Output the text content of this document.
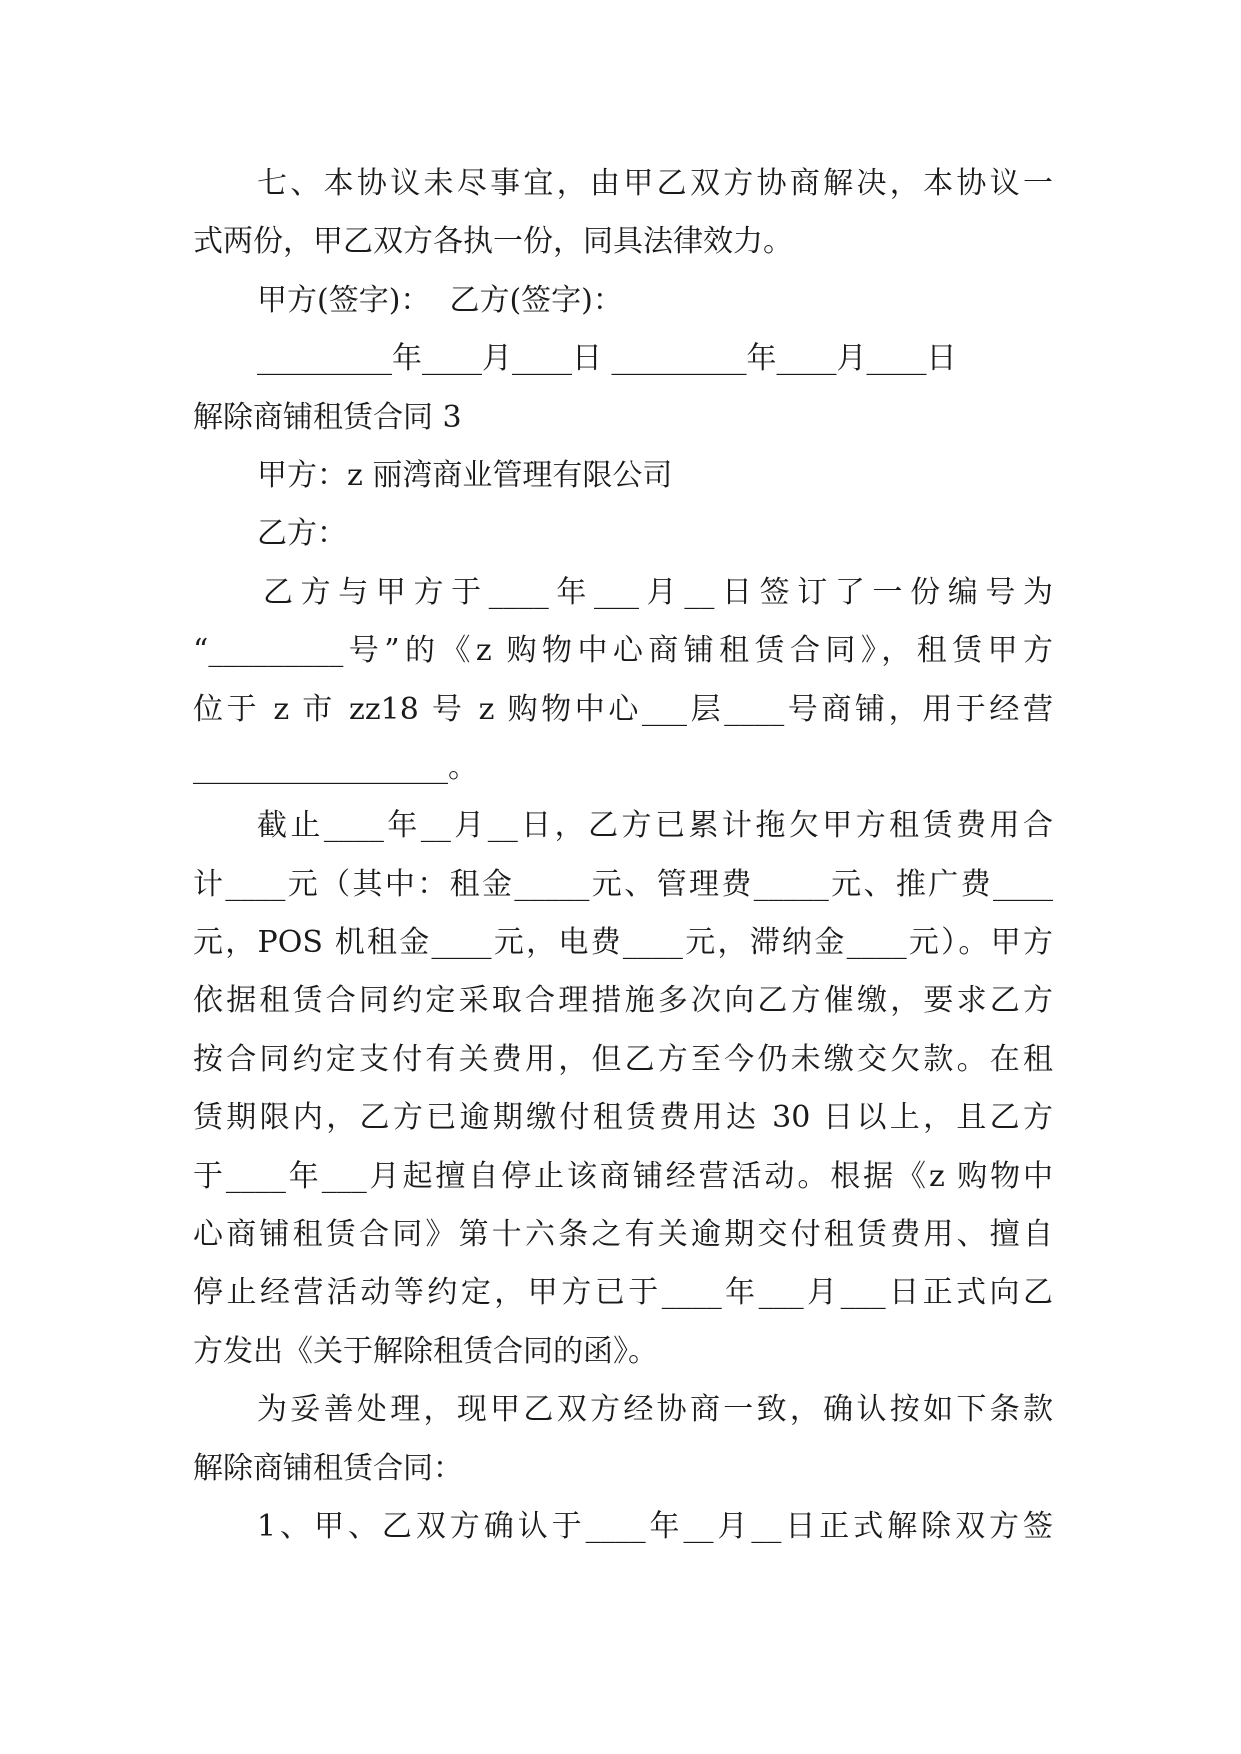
七、本协议未尽事宜，由甲乙双方协商解决，本协议一
式两份，甲乙双方各执一份，同具法律效力。
甲方(签字)：  乙方(签字)：
_________年____月____日 _________年____月____日
解除商铺租赁合同 3
甲方：z 丽湾商业管理有限公司
乙方：
乙方与甲方于____年___月__日签订了一份编号为
“_________号”的《z 购物中心商铺租赁合同》，租赁甲方
位于 z 市 zz18 号 z 购物中心___层____号商铺，用于经营
_________________。
截止____年__月__日，乙方已累计拖欠甲方租赁费用合
计____元（其中：租金_____元、管理费_____元、推广费____
元，POS 机租金____元，电费____元，滞纳金____元）。甲方
依据租赁合同约定采取合理措施多次向乙方催缴，要求乙方
按合同约定支付有关费用，但乙方至今仍未缴交欠款。在租
赁期限内，乙方已逾期缴付租赁费用达 30 日以上，且乙方
于____年___月起擅自停止该商铺经营活动。根据《z 购物中
心商铺租赁合同》第十六条之有关逾期交付租赁费用、擅自
停止经营活动等约定，甲方已于____年___月___日正式向乙
方发出《关于解除租赁合同的函》。
为妥善处理，现甲乙双方经协商一致，确认按如下条款
解除商铺租赁合同：
1、甲、乙双方确认于____年__月__日正式解除双方签
